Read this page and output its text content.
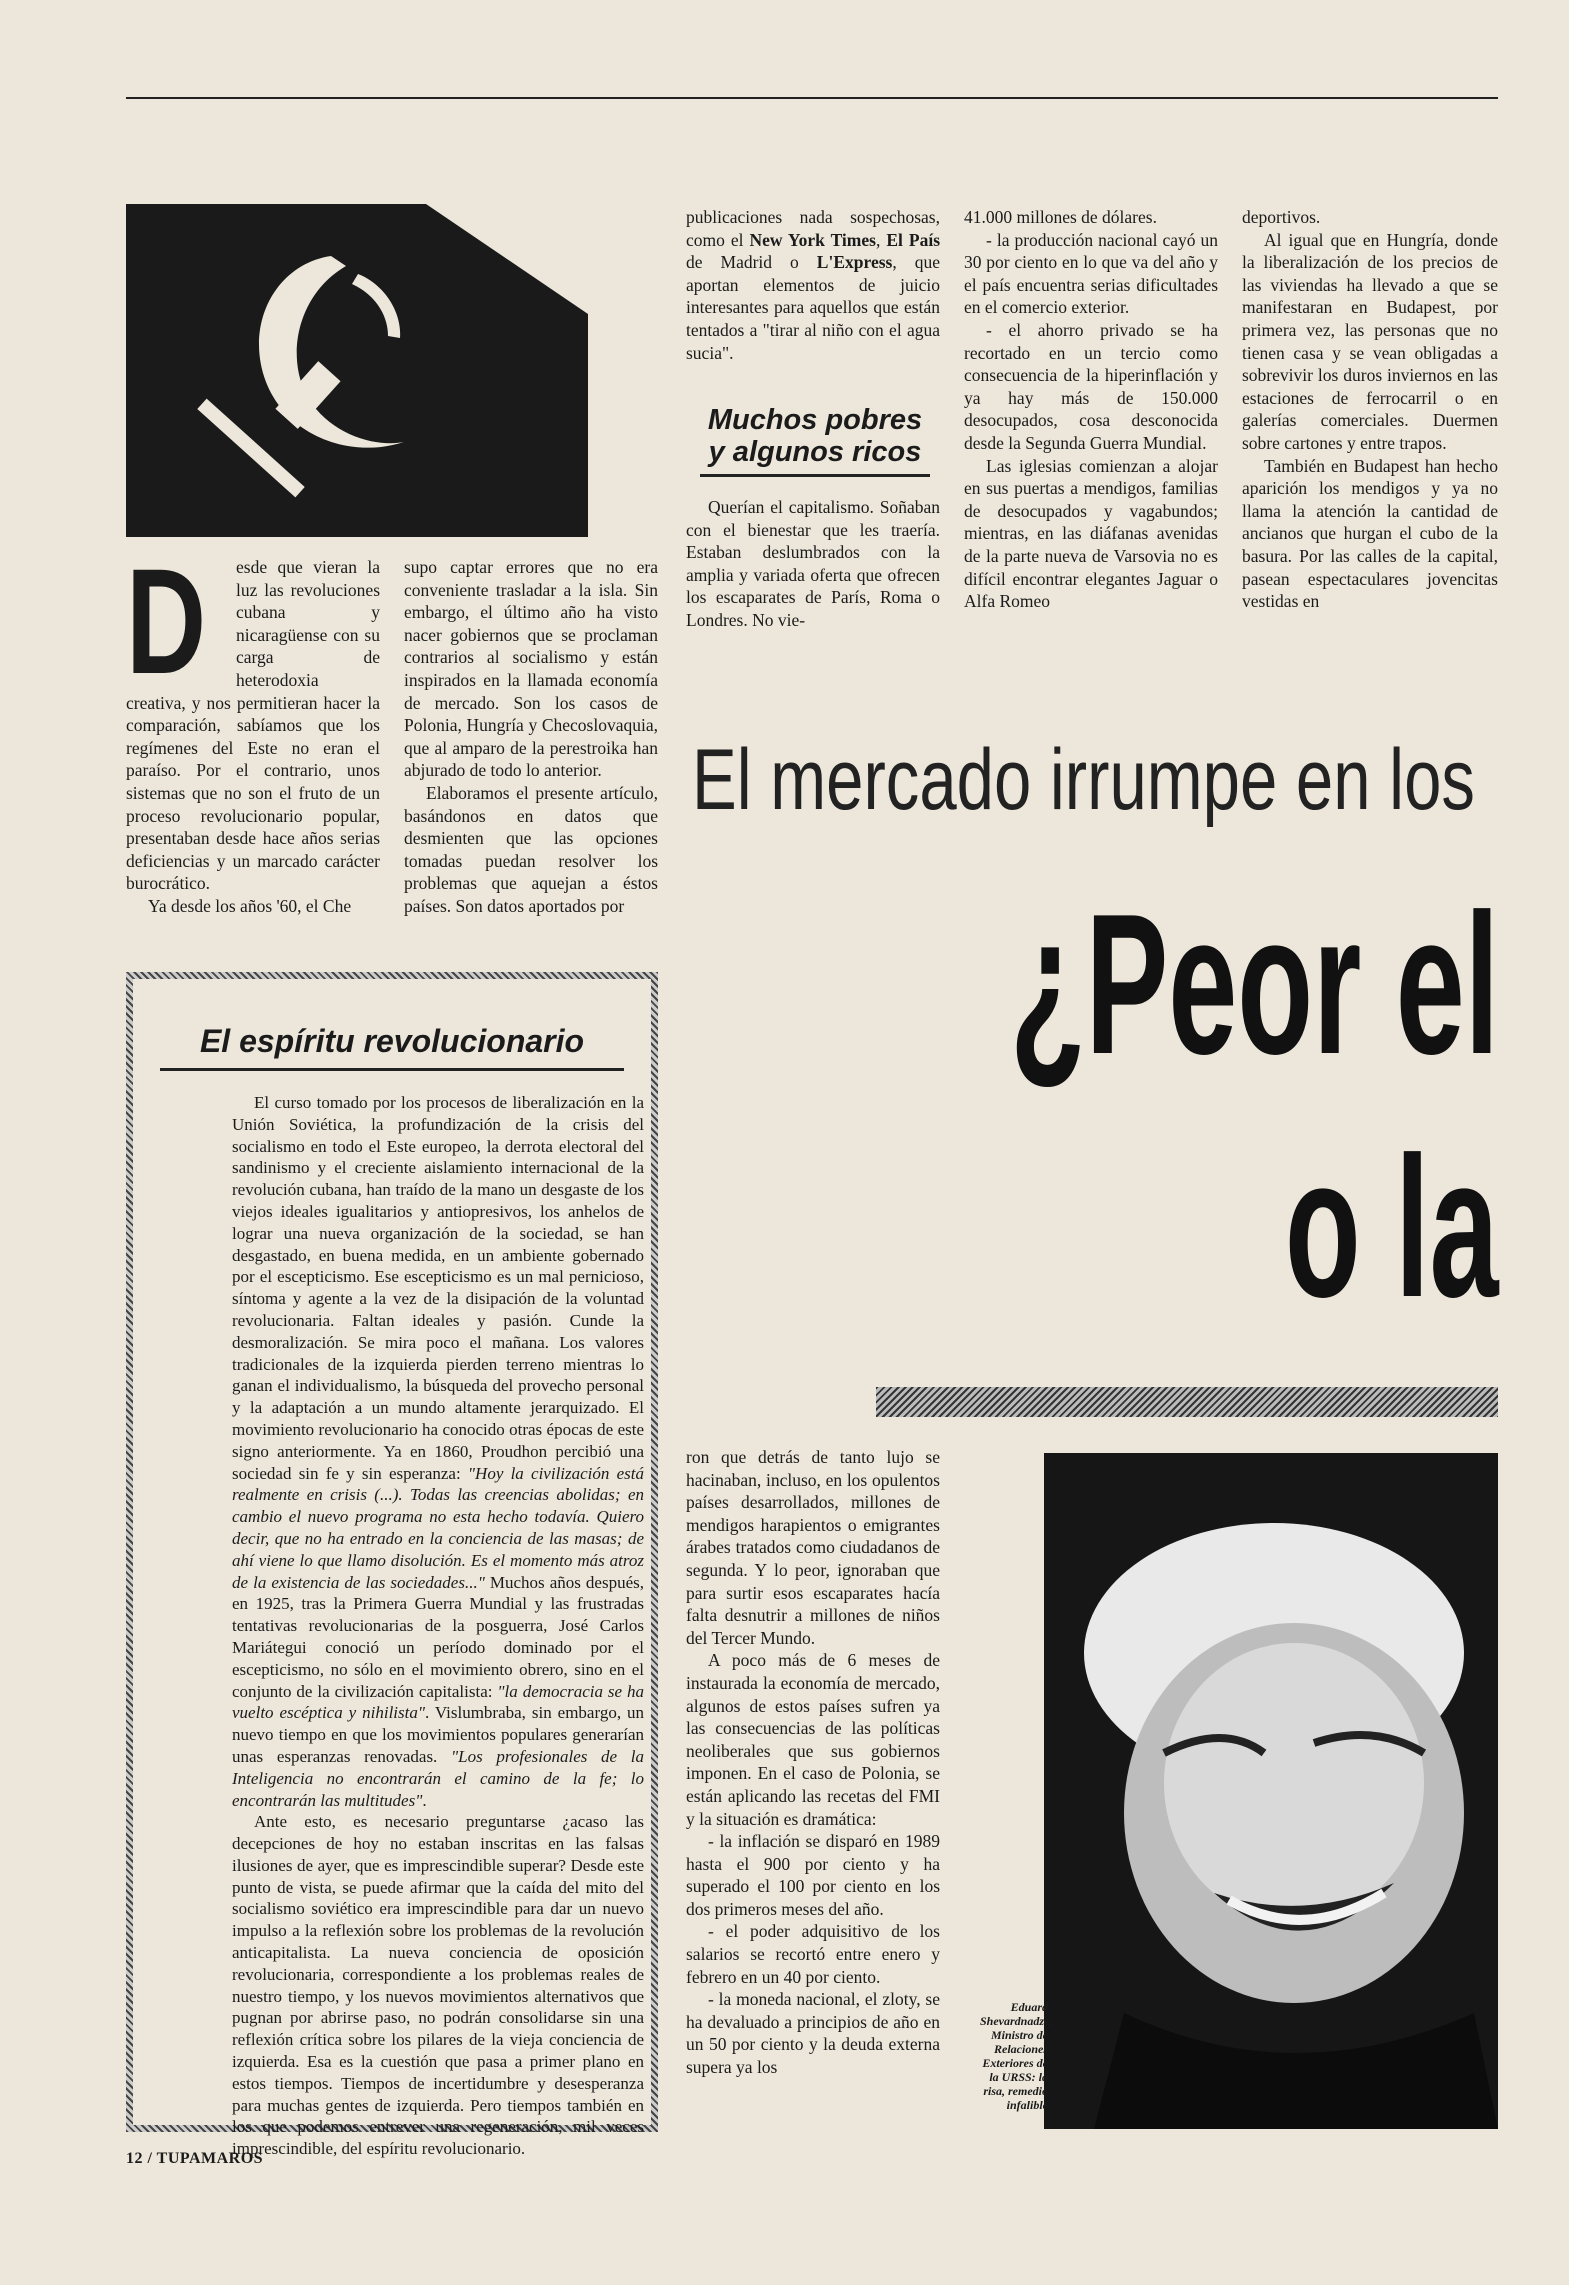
D	esde que vieran la luz las revoluciones cubana y nicaragüense con su carga de heterodoxia creativa, y nos permitieran hacer la comparación, sabíamos que los regímenes del Este no eran el paraíso. Por el contrario, unos sistemas que no son el fruto de un proceso revolucionario popular, presentaban desde hace años serias deficiencias y un marcado carácter burocrático.

Ya desde los años '60, el Che

supo captar errores que no era conveniente trasladar a la isla. Sin embargo, el último año ha visto nacer gobiernos que se proclaman contrarios al socialismo y están inspirados en la llamada economía de mercado. Son los casos de Polonia, Hungría y Checoslovaquia, que al amparo de la perestroika han abjurado de todo lo anterior.

Elaboramos el presente artículo, basándonos en datos que desmienten que las opciones tomadas puedan resolver los problemas que aquejan a éstos países. Son datos aportados por

publicaciones nada sospechosas, como el New York Times, El País de Madrid o L'Express, que aportan elementos de juicio interesantes para aquellos que están tentados a "tirar al niño con el agua sucia".

Muchos pobres
y algunos ricos

Querían el capitalismo. Soñaban con el bienestar que les traería. Estaban deslumbrados con la amplia y variada oferta que ofrecen los escaparates de París, Roma o Londres. No vie-

41.000 millones de dólares.

- la producción nacional cayó un 30 por ciento en lo que va del año y el país encuentra serias dificultades en el comercio exterior.

- el ahorro privado se ha recortado en un tercio como consecuencia de la hiperinflación y ya hay más de 150.000 desocupados, cosa desconocida desde la Segunda Guerra Mundial.

Las iglesias comienzan a alojar en sus puertas a mendigos, familias de desocupados y vagabundos; mientras, en las diáfanas avenidas de la parte nueva de Varsovia no es difícil encontrar elegantes Jaguar o Alfa Romeo

deportivos.

Al igual que en Hungría, donde la liberalización de los precios de las viviendas ha llevado a que se manifestaran en Budapest, por primera vez, las personas que no tienen casa y se vean obligadas a sobrevivir los duros inviernos en las estaciones de ferrocarril o en galerías comerciales. Duermen sobre cartones y entre trapos.

También en Budapest han hecho aparición los mendigos y ya no llama la atención la cantidad de ancianos que hurgan el cubo de la basura. Por las calles de la capital, pasean espectaculares jovencitas vestidas en

El mercado irrumpe en los
¿Peor el
o la
El espíritu revolucionario

El curso tomado por los procesos de liberalización en la Unión Soviética, la profundización de la crisis del socialismo en todo el Este europeo, la derrota electoral del sandinismo y el creciente aislamiento internacional de la revolución cubana, han traído de la mano un desgaste de los viejos ideales igualitarios y antiopresivos, los anhelos de lograr una nueva organización de la sociedad, se han desgastado, en buena medida, en un ambiente gobernado por el escepticismo. Ese escepticismo es un mal pernicioso, síntoma y agente a la vez de la disipación de la voluntad revolucionaria. Faltan ideales y pasión. Cunde la desmoralización. Se mira poco el mañana. Los valores tradicionales de la izquierda pierden terreno mientras lo ganan el individualismo, la búsqueda del provecho personal y la adaptación a un mundo altamente jerarquizado. El movimiento revolucionario ha conocido otras épocas de este signo anteriormente. Ya en 1860, Proudhon percibió una sociedad sin fe y sin esperanza: "Hoy la civilización está realmente en crisis (...). Todas las creencias abolidas; en cambio el nuevo programa no esta hecho todavía. Quiero decir, que no ha entrado en la conciencia de las masas; de ahí viene lo que llamo disolución. Es el momento más atroz de la existencia de las sociedades..." Muchos años después, en 1925, tras la Primera Guerra Mundial y las frustradas tentativas revolucionarias de la posguerra, José Carlos Mariátegui conoció un período dominado por el escepticismo, no sólo en el movimiento obrero, sino en el conjunto de la civilización capitalista: "la democracia se ha vuelto escéptica y nihilista". Vislumbraba, sin embargo, un nuevo tiempo en que los movimientos populares generarían unas esperanzas renovadas. "Los profesionales de la Inteligencia no encontrarán el camino de la fe; lo encontrarán las multitudes".

Ante esto, es necesario preguntarse ¿acaso las decepciones de hoy no estaban inscritas en las falsas ilusiones de ayer, que es imprescindible superar? Desde este punto de vista, se puede afirmar que la caída del mito del socialismo soviético era imprescindible para dar un nuevo impulso a la reflexión sobre los problemas de la revolución anticapitalista. La nueva conciencia de oposición revolucionaria, correspondiente a los problemas reales de nuestro tiempo, y los nuevos movimientos alternativos que pugnan por abrirse paso, no podrán consolidarse sin una reflexión crítica sobre los pilares de la vieja conciencia de izquierda. Esa es la cuestión que pasa a primer plano en estos tiempos. Tiempos de incertidumbre y desesperanza para muchas gentes de izquierda. Pero tiempos también en los que podemos entrever una regeneración, mil veces imprescindible, del espíritu revolucionario.

ron que detrás de tanto lujo se hacinaban, incluso, en los opulentos países desarrollados, millones de mendigos harapientos o emigrantes árabes tratados como ciudadanos de segunda. Y lo peor, ignoraban que para surtir esos escaparates hacía falta desnutrir a millones de niños del Tercer Mundo.

A poco más de 6 meses de instaurada la economía de mercado, algunos de estos países sufren ya las consecuencias de las políticas neoliberales que sus gobiernos imponen. En el caso de Polonia, se están aplicando las recetas del FMI y la situación es dramática:

- la inflación se disparó en 1989 hasta el 900 por ciento y ha superado el 100 por ciento en los dos primeros meses del año.

- el poder adquisitivo de los salarios se recortó entre enero y febrero en un 40 por ciento.

- la moneda nacional, el zloty, se ha devaluado a principios de año en un 50 por ciento y la deuda externa supera ya los

Eduard Shevardnadze, Ministro de Relaciones Exteriores de la URSS: la risa, remedio infalible
12 / TUPAMAROS
